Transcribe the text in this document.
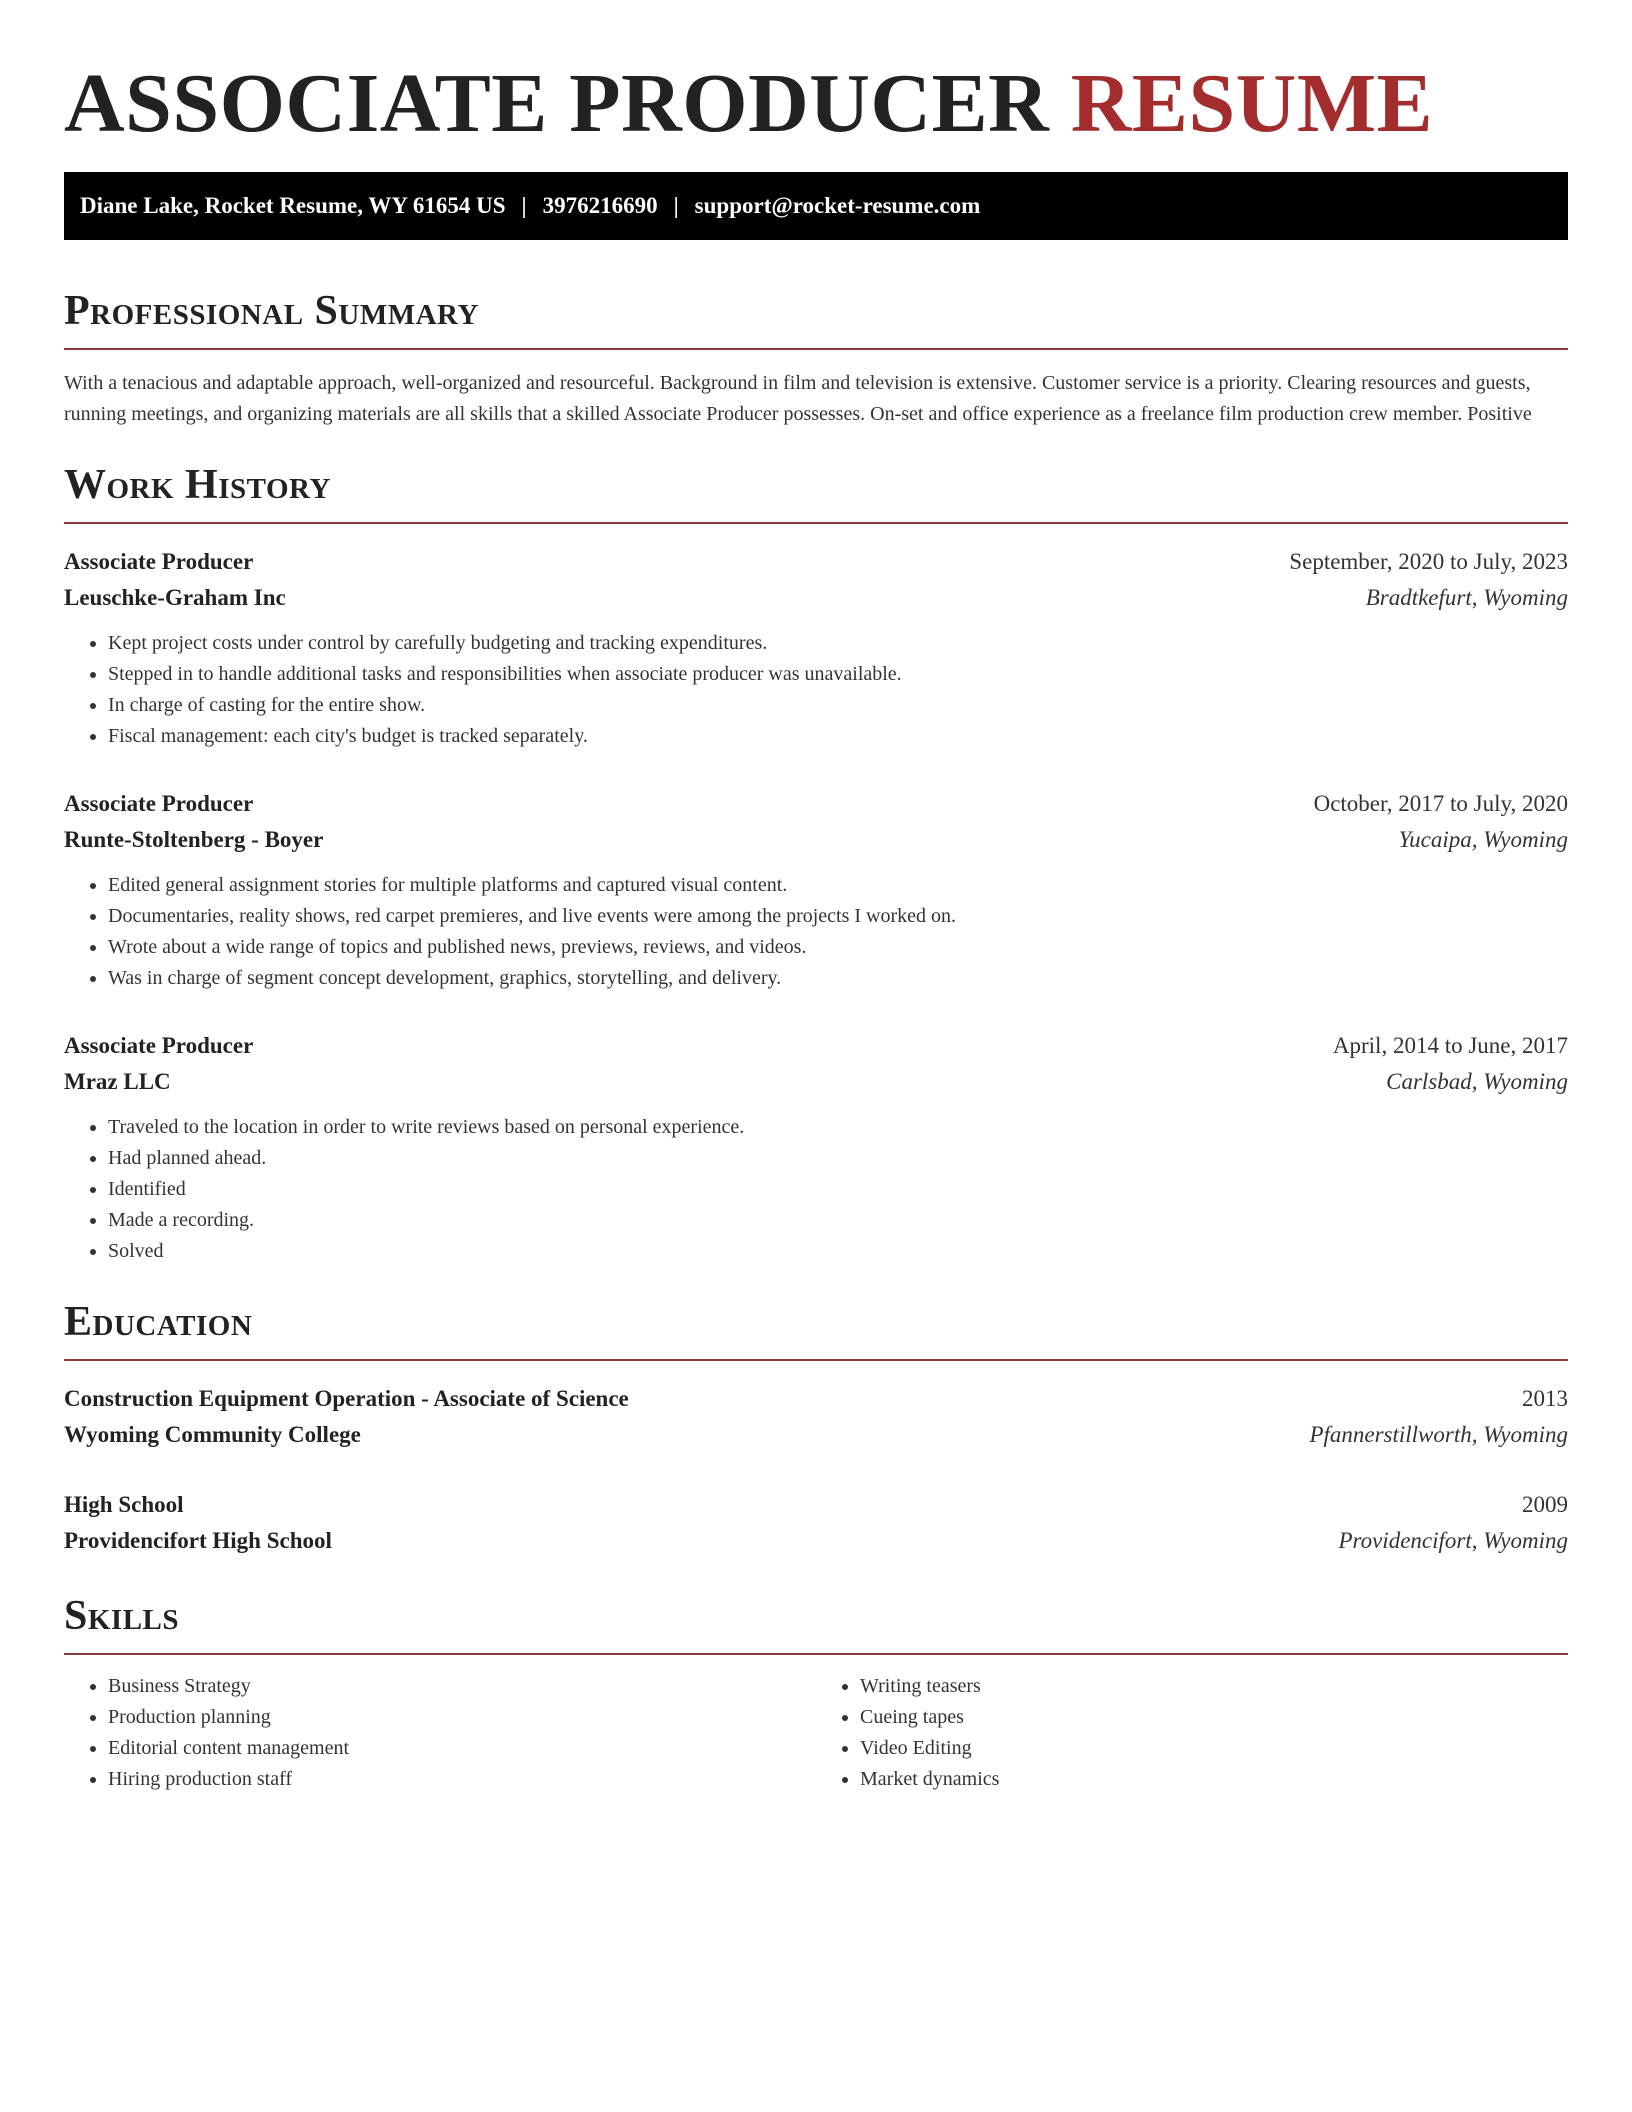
ASSOCIATE PRODUCER RESUME
Diane Lake, Rocket Resume, WY 61654 US | 3976216690 | support@rocket-resume.com
Professional Summary

With a tenacious and adaptable approach, well-organized and resourceful. Background in film and television is extensive. Customer service is a priority. Clearing resources and guests, running meetings, and organizing materials are all skills that a skilled Associate Producer possesses. On-set and office experience as a freelance film production crew member. Positive

Work History
Associate Producer	September, 2020 to July, 2023
Leuschke-Graham Inc	Bradtkefurt, Wyoming
• Kept project costs under control by carefully budgeting and tracking expenditures.
• Stepped in to handle additional tasks and responsibilities when associate producer was unavailable.
• In charge of casting for the entire show.
• Fiscal management: each city's budget is tracked separately.
Associate Producer	October, 2017 to July, 2020
Runte-Stoltenberg - Boyer	Yucaipa, Wyoming
• Edited general assignment stories for multiple platforms and captured visual content.
• Documentaries, reality shows, red carpet premieres, and live events were among the projects I worked on.
• Wrote about a wide range of topics and published news, previews, reviews, and videos.
• Was in charge of segment concept development, graphics, storytelling, and delivery.
Associate Producer	April, 2014 to June, 2017
Mraz LLC	Carlsbad, Wyoming
• Traveled to the location in order to write reviews based on personal experience.
• Had planned ahead.
• Identified
• Made a recording.
• Solved
Education
Construction Equipment Operation - Associate of Science	2013
Wyoming Community College	Pfannerstillworth, Wyoming
High School	2009
Providencifort High School	Providencifort, Wyoming
Skills
• Business Strategy
• Production planning
• Editorial content management
• Hiring production staff
• Writing teasers
• Cueing tapes
• Video Editing
• Market dynamics
